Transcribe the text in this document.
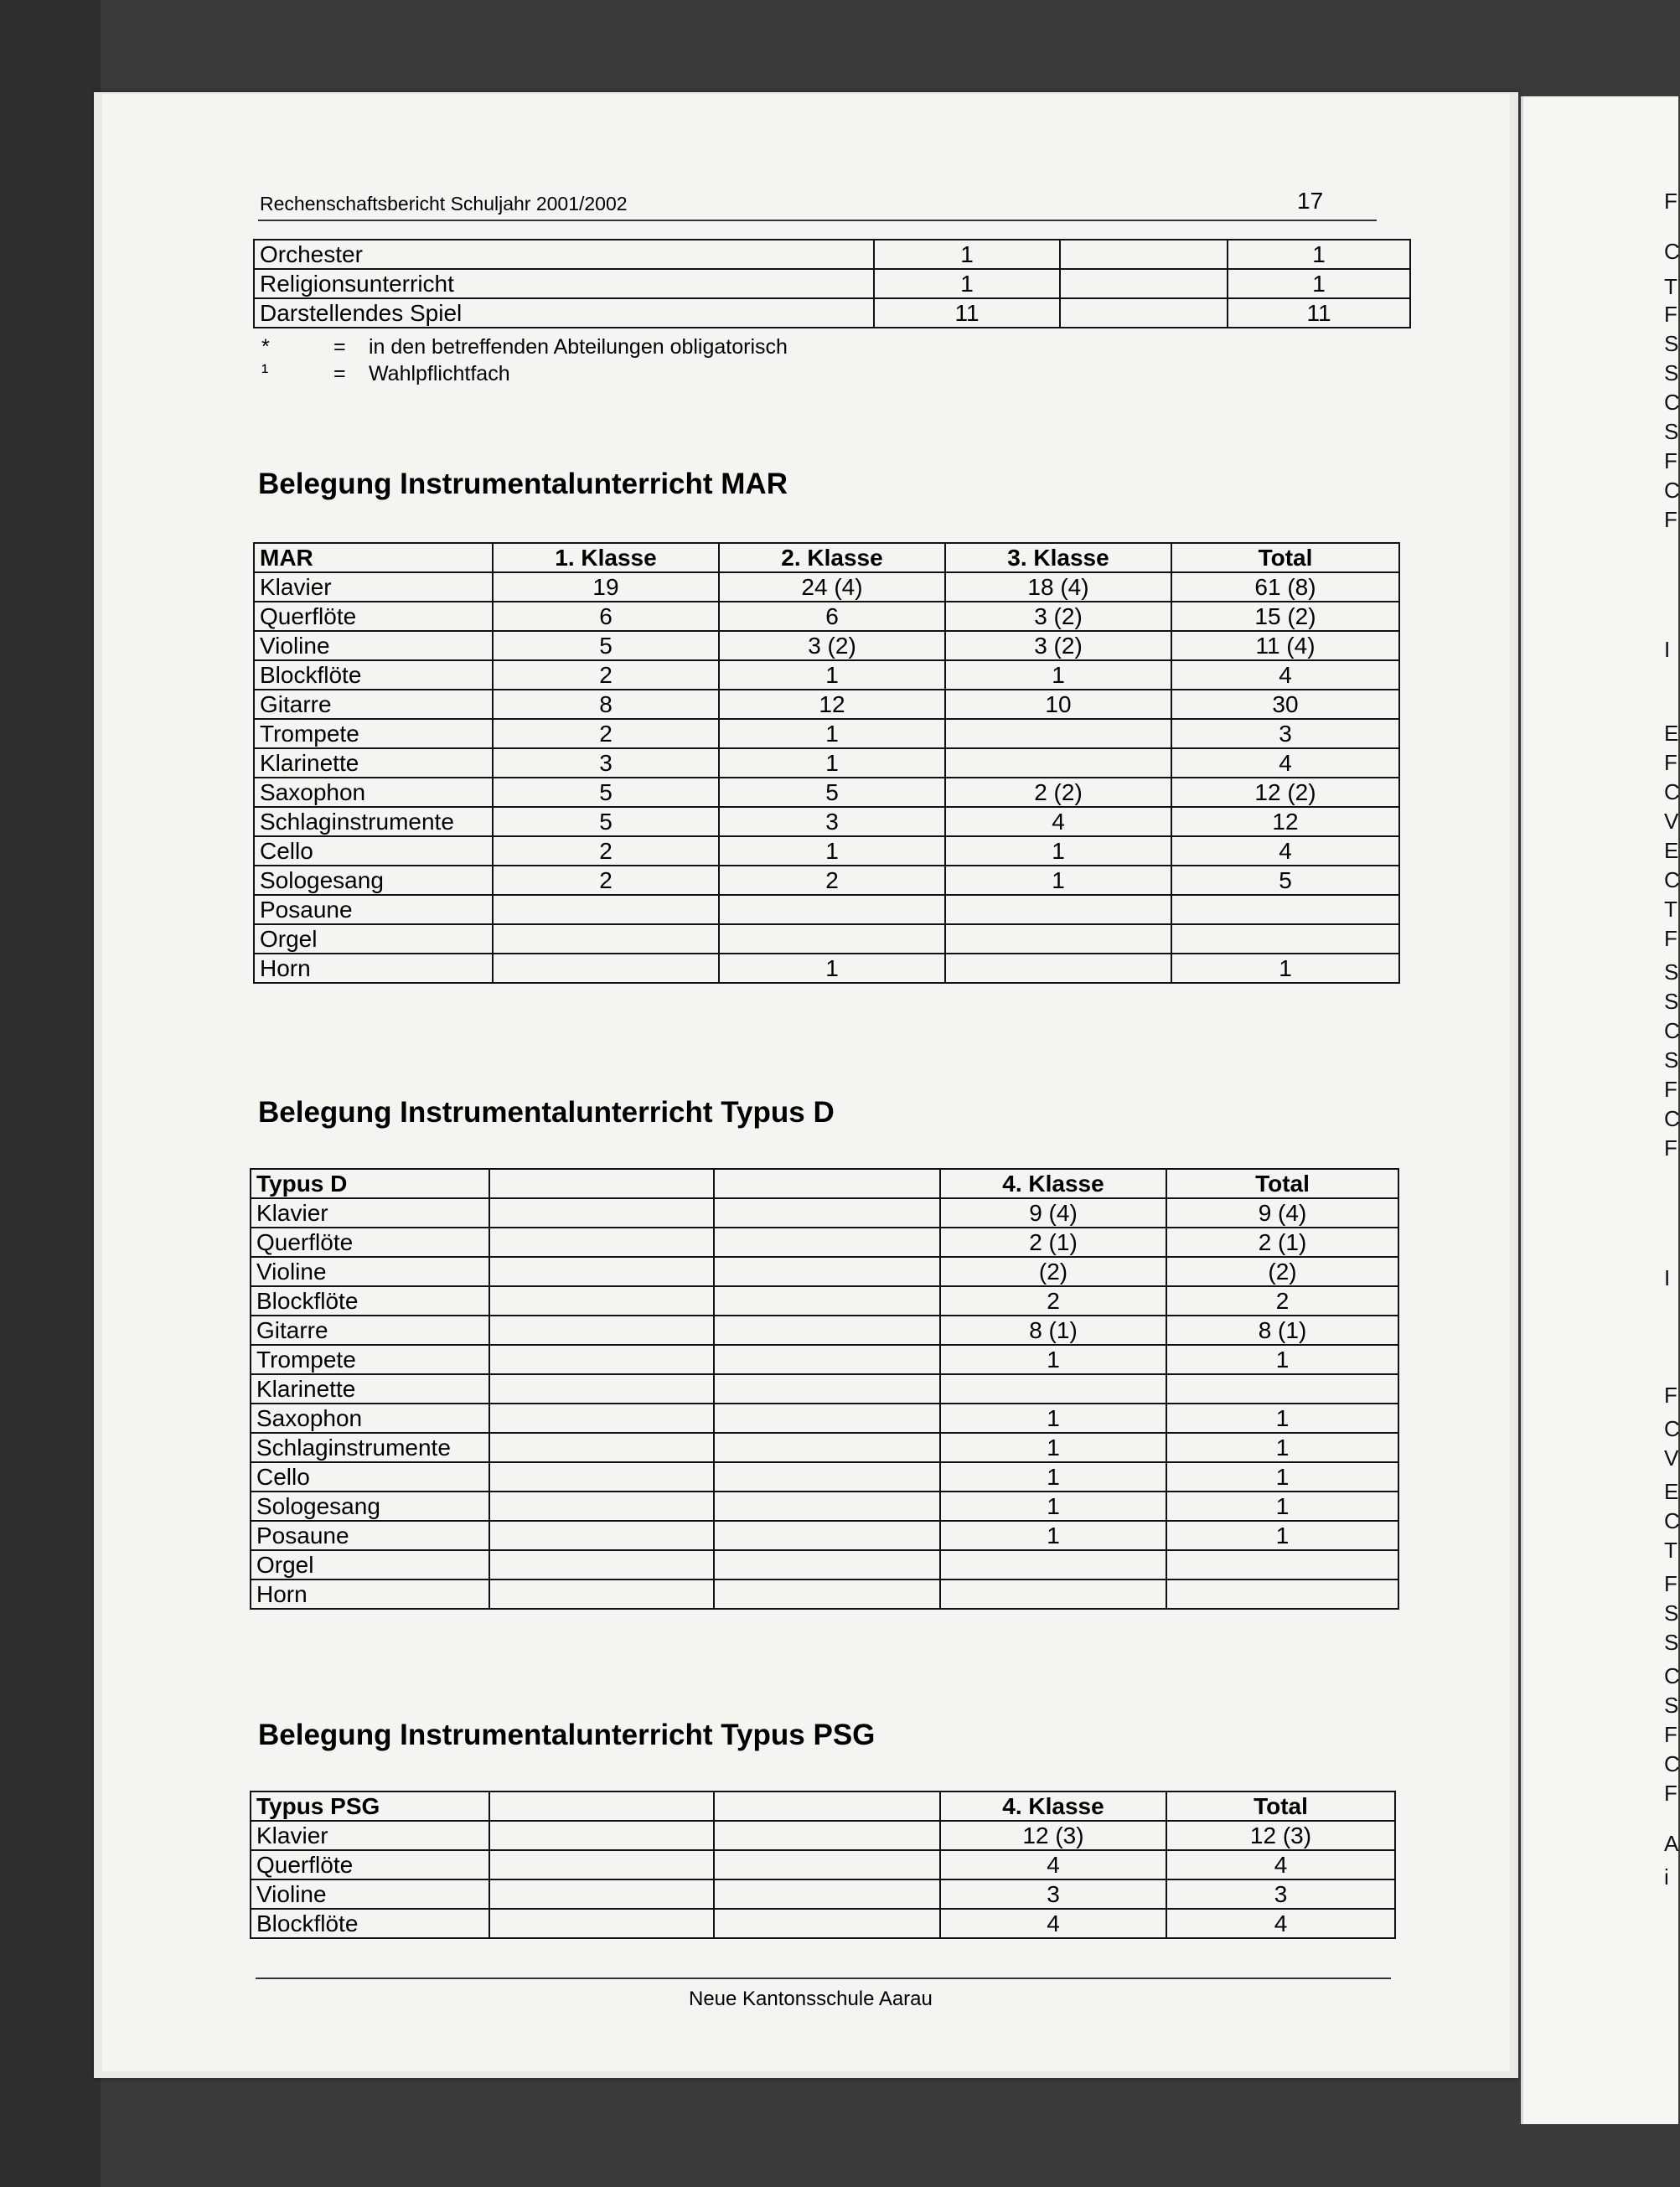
Rechenschaftsbericht Schuljahr 2001/2002	17
Orchester	1		1
Religionsunterricht	1		1
Darstellendes Spiel	11		11
*	= in den betreffenden Abteilungen obligatorisch
¹	= Wahlpflichtfach
Belegung Instrumentalunterricht MAR
MAR	1. Klasse	2. Klasse	3. Klasse	Total
Klavier	19	24 (4)	18 (4)	61 (8)
Querflöte	6	6	3 (2)	15 (2)
Violine	5	3 (2)	3 (2)	11 (4)
Blockflöte	2	1	1	4
Gitarre	8	12	10	30
Trompete	2	1		3
Klarinette	3	1		4
Saxophon	5	5	2 (2)	12 (2)
Schlaginstrumente	5	3	4	12
Cello	2	1	1	4
Sologesang	2	2	1	5
Posaune				
Orgel				
Horn		1		1
Belegung Instrumentalunterricht Typus D
Typus D			4. Klasse	Total
Klavier			9 (4)	9 (4)
Querflöte			2 (1)	2 (1)
Violine			(2)	(2)
Blockflöte			2	2
Gitarre			8 (1)	8 (1)
Trompete			1	1
Klarinette				
Saxophon			1	1
Schlaginstrumente			1	1
Cello			1	1
Sologesang			1	1
Posaune			1	1
Orgel				
Horn				
Belegung Instrumentalunterricht Typus PSG
Typus PSG			4. Klasse	Total
Klavier			12 (3)	12 (3)
Querflöte			4	4
Violine			3	3
Blockflöte			4	4
Neue Kantonsschule Aarau
F
C
T
F
S
S
C
S
F
C
F
I
E
F
C
V
E
C
T
F
S
S
C
S
F
C
F
I
F
C
V
E
C
T
F
S
S
C
S
F
C
F
A
i
